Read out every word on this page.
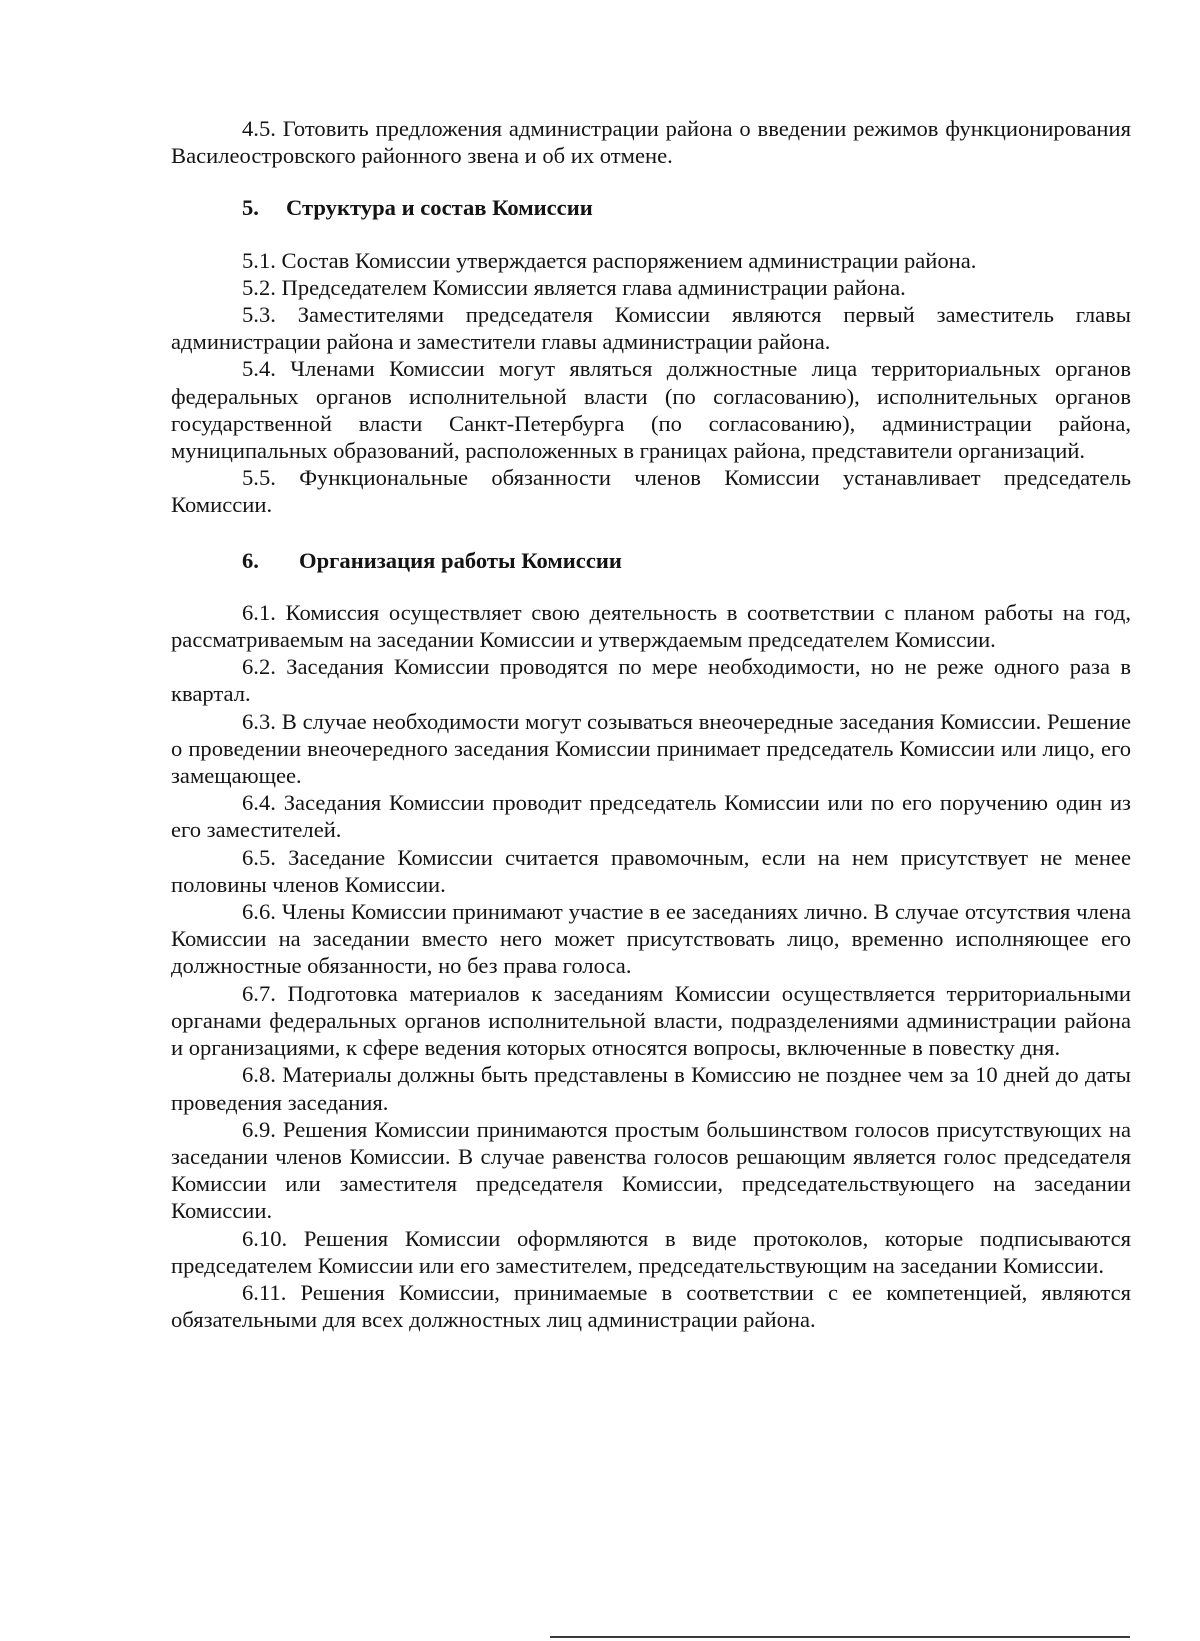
4.5. Готовить предложения администрации района о введении режимов функционирования Василеостровского районного звена и об их отмене.

5. Структура и состав Комиссии

5.1. Состав Комиссии утверждается распоряжением администрации района.

5.2. Председателем Комиссии является глава администрации района.

5.3. Заместителями председателя Комиссии являются первый заместитель главы администрации района и заместители главы администрации района.

5.4. Членами Комиссии могут являться должностные лица территориальных органов федеральных органов исполнительной власти (по согласованию), исполнительных органов государственной власти Санкт-Петербурга (по согласованию), администрации района, муниципальных образований, расположенных в границах района, представители организаций.

5.5. Функциональные обязанности членов Комиссии устанавливает председатель Комиссии.

6. Организация работы Комиссии

6.1. Комиссия осуществляет свою деятельность в соответствии с планом работы на год, рассматриваемым на заседании Комиссии и утверждаемым председателем Комиссии.

6.2. Заседания Комиссии проводятся по мере необходимости, но не реже одного раза в квартал.

6.3. В случае необходимости могут созываться внеочередные заседания Комиссии. Решение о проведении внеочередного заседания Комиссии принимает председатель Комиссии или лицо, его замещающее.

6.4. Заседания Комиссии проводит председатель Комиссии или по его поручению один из его заместителей.

6.5. Заседание Комиссии считается правомочным, если на нем присутствует не менее половины членов Комиссии.

6.6. Члены Комиссии принимают участие в ее заседаниях лично. В случае отсутствия члена Комиссии на заседании вместо него может присутствовать лицо, временно исполняющее его должностные обязанности, но без права голоса.

6.7. Подготовка материалов к заседаниям Комиссии осуществляется территориальными органами федеральных органов исполнительной власти, подразделениями администрации района и организациями, к сфере ведения которых относятся вопросы, включенные в повестку дня.

6.8. Материалы должны быть представлены в Комиссию не позднее чем за 10 дней до даты проведения заседания.

6.9. Решения Комиссии принимаются простым большинством голосов присутствующих на заседании членов Комиссии. В случае равенства голосов решающим является голос председателя Комиссии или заместителя председателя Комиссии, председательствующего на заседании Комиссии.

6.10. Решения Комиссии оформляются в виде протоколов, которые подписываются председателем Комиссии или его заместителем, председательствующим на заседании Комиссии.

6.11. Решения Комиссии, принимаемые в соответствии с ее компетенцией, являются обязательными для всех должностных лиц администрации района.
